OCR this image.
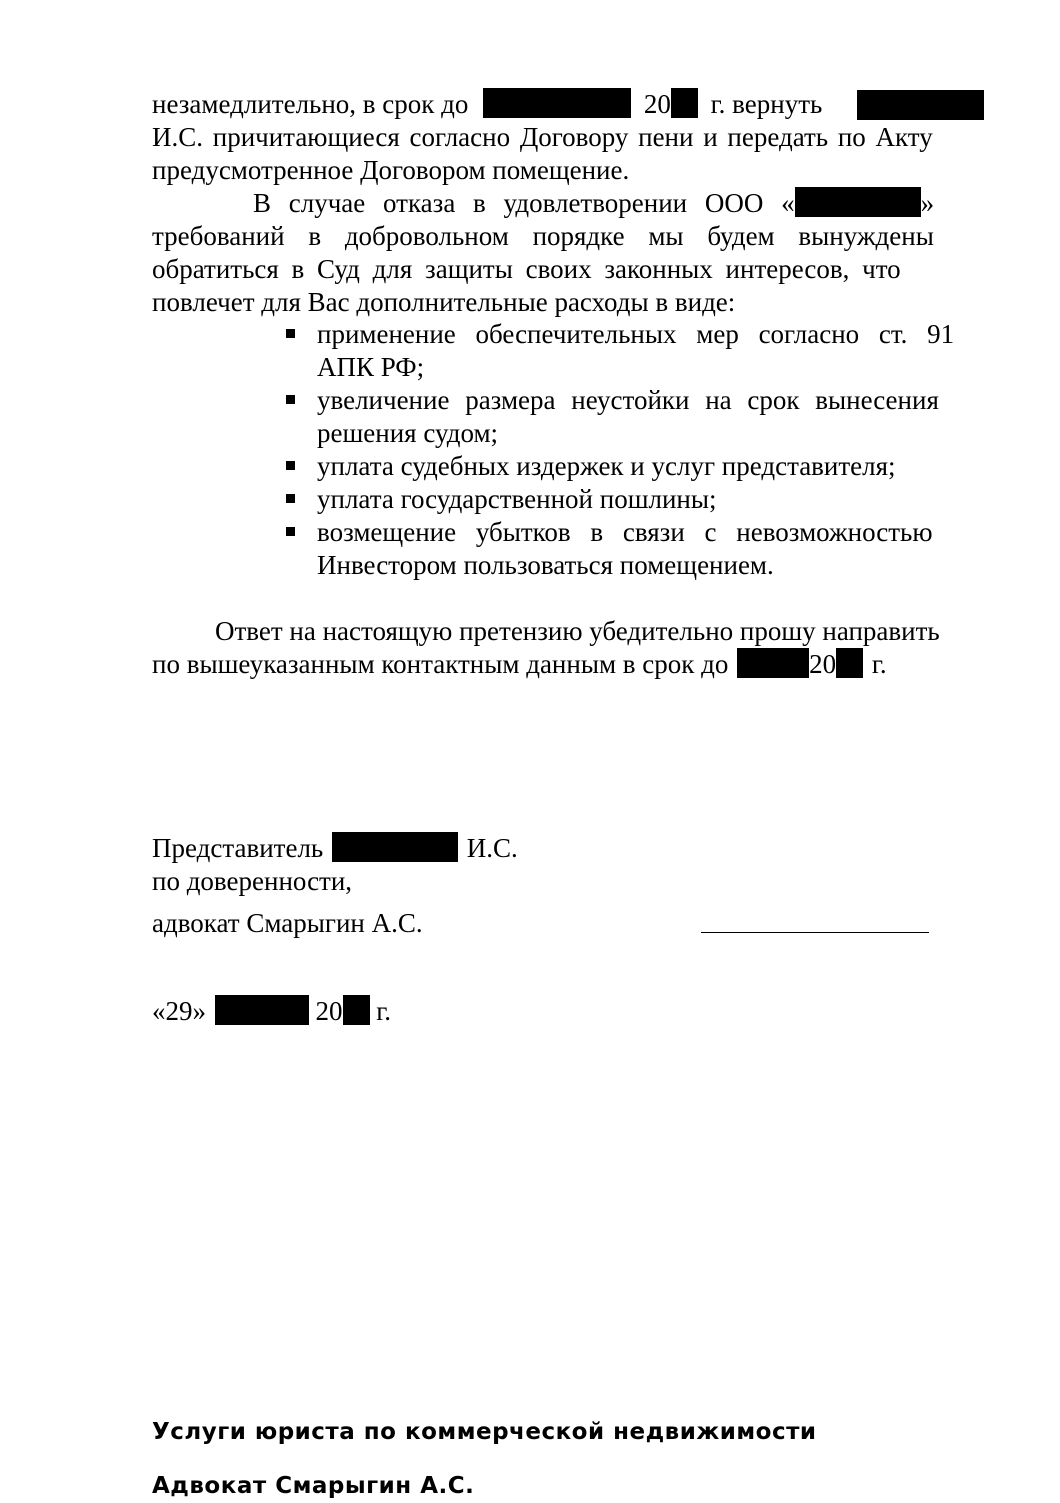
незамедлительно, в срок до	20 г. вернуть
И.С. причитающиеся согласно Договору пени и передать по Акту
предусмотренное Договором помещение.
В случае отказа в удовлетворении ООО «	»
требований в добровольном порядке мы будем вынуждены
обратиться в Суд для защиты своих законных интересов, что
повлечет для Вас дополнительные расходы в виде:
применение обеспечительных мер согласно ст. 91
АПК РФ;
увеличение размера неустойки на срок вынесения
решения судом;
уплата судебных издержек и услуг представителя;
уплата государственной пошлины;
возмещение убытков в связи с невозможностью
Инвестором пользоваться помещением.
Ответ на настоящую претензию убедительно прошу направить
по вышеуказанным контактным данным в срок до	20 г.
Представитель	И.С.
по доверенности,
адвокат Смарыгин А.С.
«29»	20 г.
Услуги юриста по коммерческой недвижимости
Адвокат Смарыгин А.С.
